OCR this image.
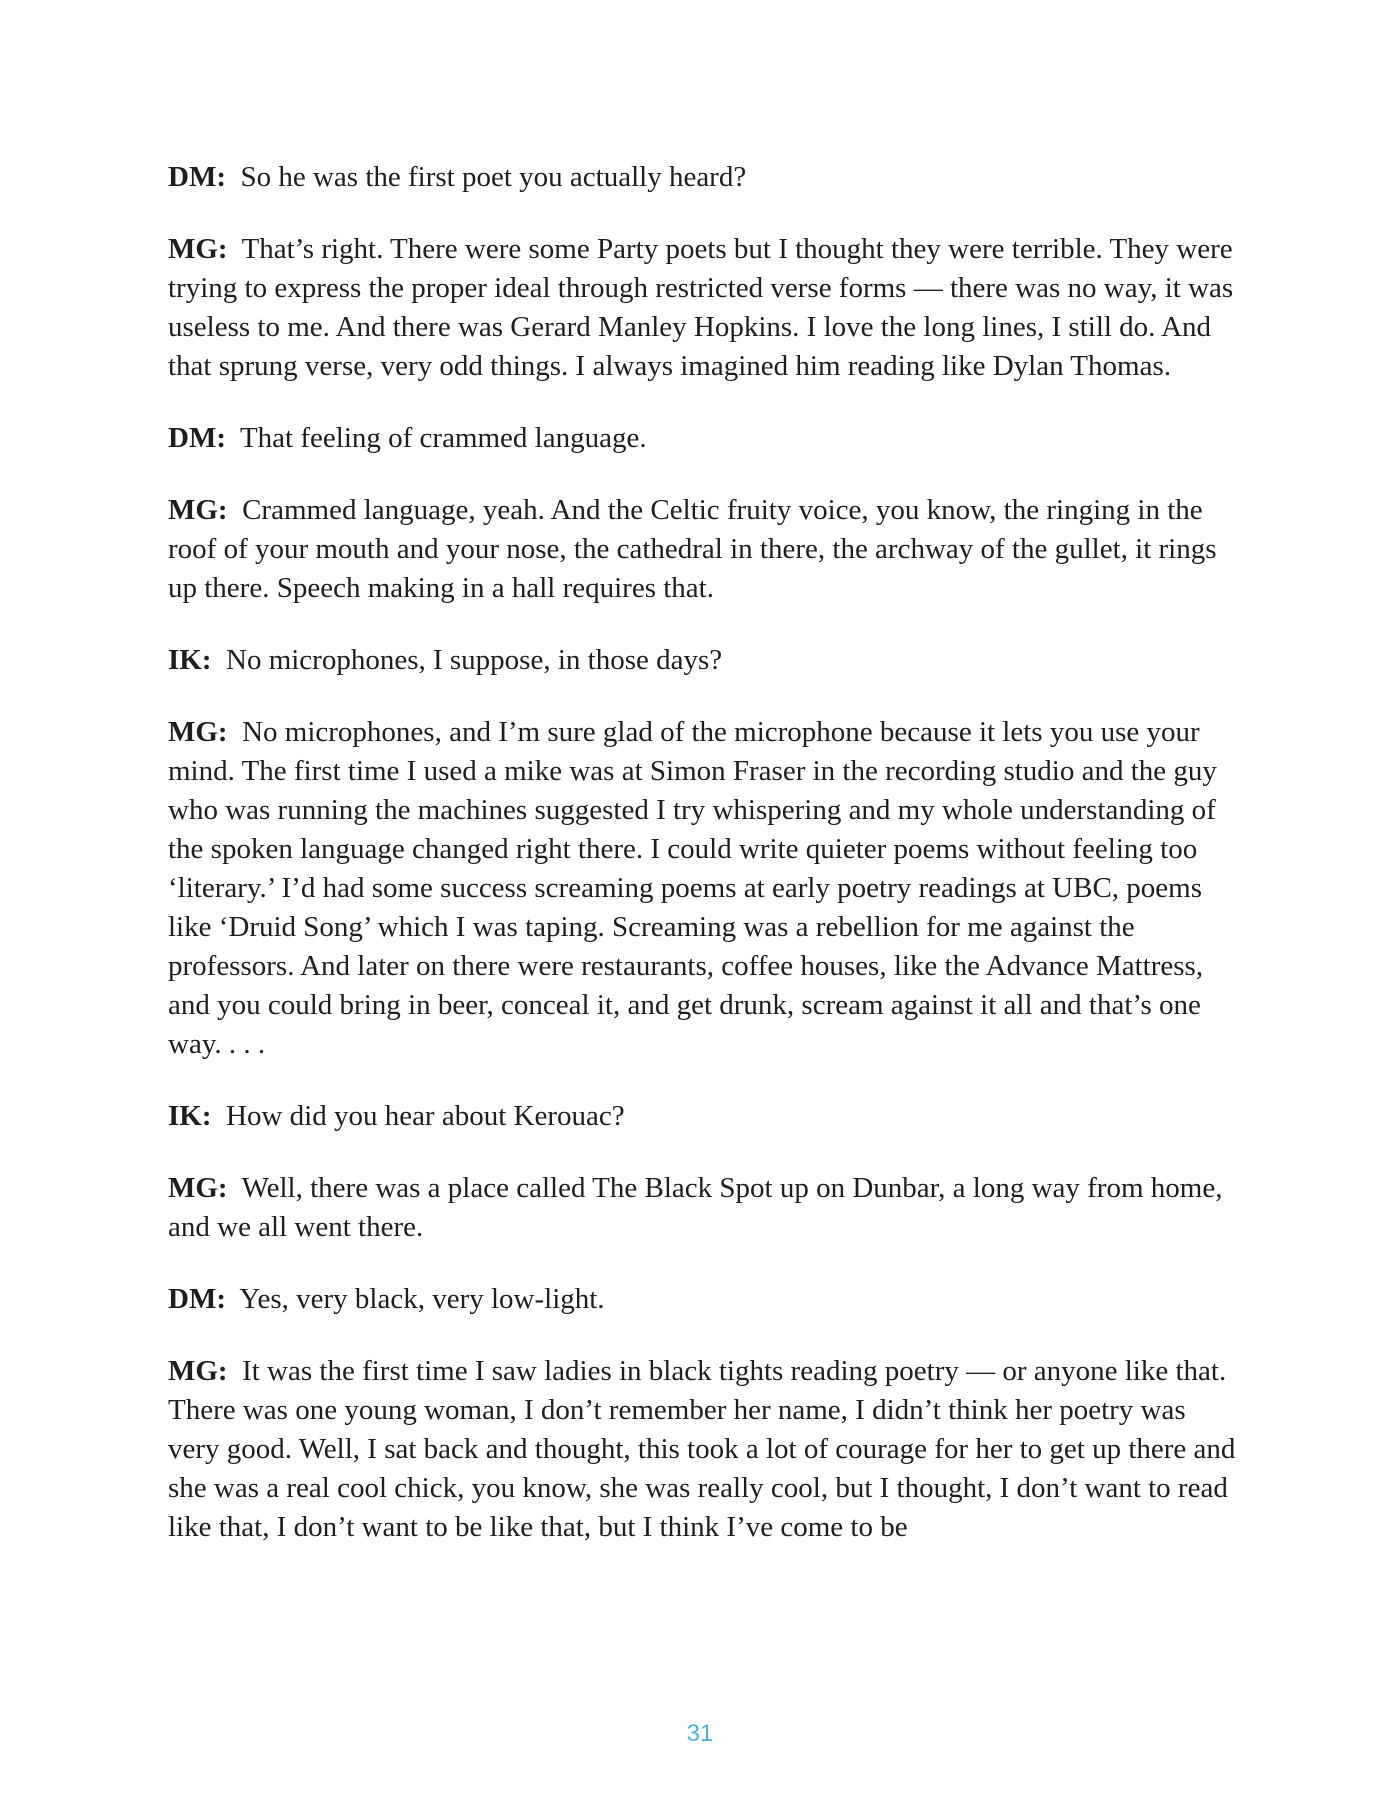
DM: So he was the first poet you actually heard?

MG: That’s right. There were some Party poets but I thought they were terrible. They were trying to express the proper ideal through restricted verse forms — there was no way, it was useless to me. And there was Gerard Manley Hopkins. I love the long lines, I still do. And that sprung verse, very odd things. I always imagined him reading like Dylan Thomas.

DM: That feeling of crammed language.

MG: Crammed language, yeah. And the Celtic fruity voice, you know, the ringing in the roof of your mouth and your nose, the cathedral in there, the archway of the gullet, it rings up there. Speech making in a hall requires that.

IK: No microphones, I suppose, in those days?

MG: No microphones, and I’m sure glad of the microphone because it lets you use your mind. The first time I used a mike was at Simon Fraser in the recording studio and the guy who was running the machines suggested I try whispering and my whole understanding of the spoken language changed right there. I could write quieter poems without feeling too ‘literary.’ I’d had some success screaming poems at early poetry readings at UBC, poems like ‘Druid Song’ which I was taping. Screaming was a rebellion for me against the professors. And later on there were restaurants, coffee houses, like the Advance Mattress, and you could bring in beer, conceal it, and get drunk, scream against it all and that’s one way. . . .

IK: How did you hear about Kerouac?

MG: Well, there was a place called The Black Spot up on Dunbar, a long way from home, and we all went there.

DM: Yes, very black, very low-light.

MG: It was the first time I saw ladies in black tights reading poetry — or anyone like that. There was one young woman, I don’t remember her name, I didn’t think her poetry was very good. Well, I sat back and thought, this took a lot of courage for her to get up there and she was a real cool chick, you know, she was really cool, but I thought, I don’t want to read like that, I don’t want to be like that, but I think I’ve come to be

31
